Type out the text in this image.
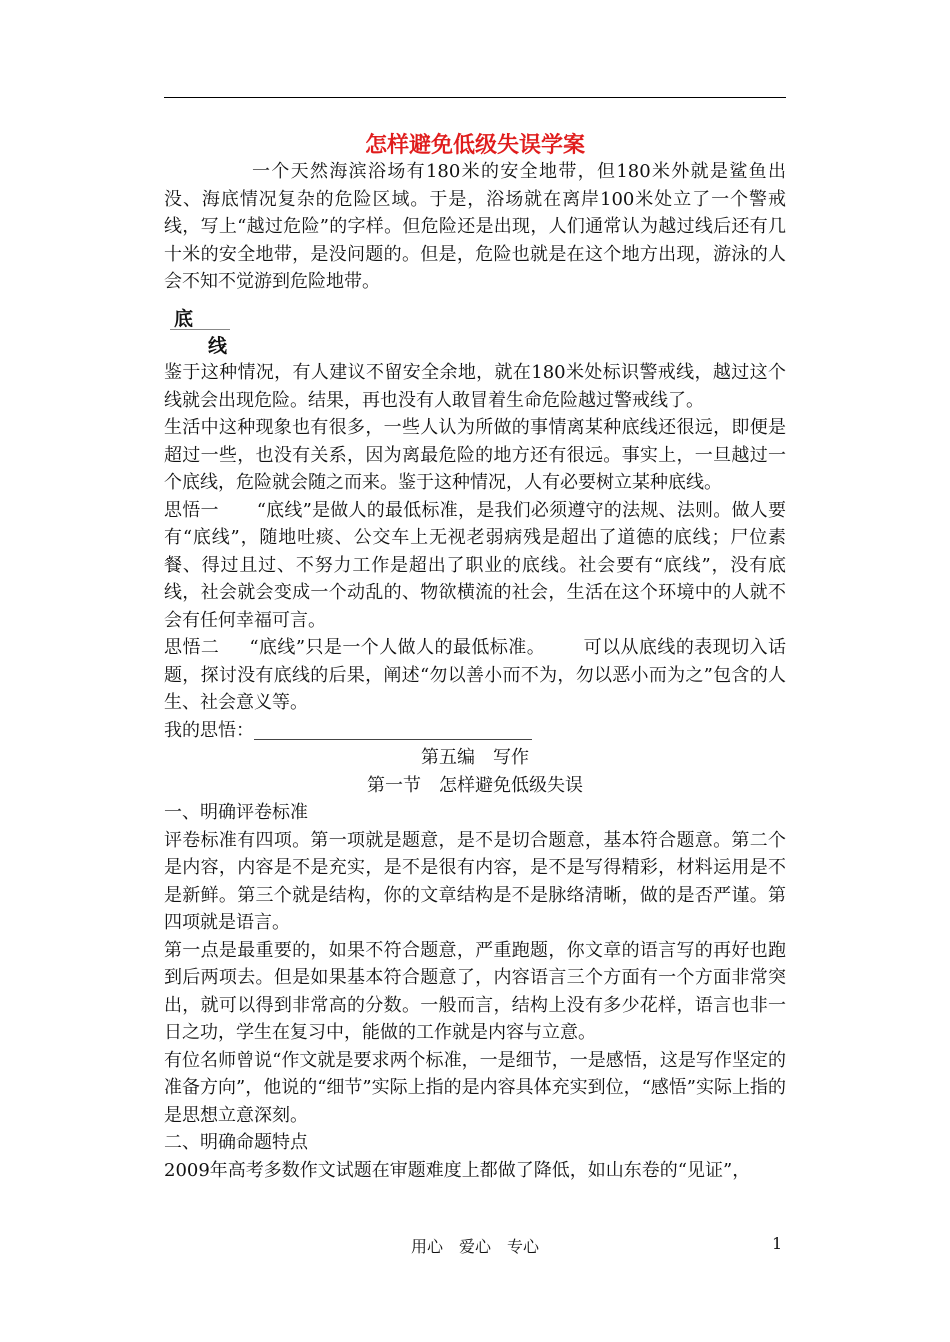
怎样避免低级失误学案

一个天然海滨浴场有180米的安全地带，但180米外就是鲨鱼出没、海底情况复杂的危险区域。于是，浴场就在离岸100米处立了一个警戒线，写上“越过危险”的字样。但危险还是出现，人们通常认为越过线后还有几十米的安全地带，是没问题的。但是，危险也就是在这个地方出现，游泳的人会不知不觉游到危险地带。

底
线

鉴于这种情况，有人建议不留安全余地，就在180米处标识警戒线，越过这个线就会出现危险。结果，再也没有人敢冒着生命危险越过警戒线了。

生活中这种现象也有很多，一些人认为所做的事情离某种底线还很远，即便是超过一些，也没有关系，因为离最危险的地方还有很远。事实上，一旦越过一个底线，危险就会随之而来。鉴于这种情况，人有必要树立某种底线。

思悟一 “底线”是做人的最低标准，是我们必须遵守的法规、法则。做人要有“底线”，随地吐痰、公交车上无视老弱病残是超出了道德的底线；尸位素餐、得过且过、不努力工作是超出了职业的底线。社会要有“底线”，没有底线，社会就会变成一个动乱的、物欲横流的社会，生活在这个环境中的人就不会有任何幸福可言。

思悟二 “底线”只是一个人做人的最低标准。 可以从底线的表现切入话题，探讨没有底线的后果，阐述“勿以善小而不为，勿以恶小而为之”包含的人生、社会意义等。

我的思悟：

第五编　写作

第一节　怎样避免低级失误

一、明确评卷标准

评卷标准有四项。第一项就是题意，是不是切合题意，基本符合题意。第二个是内容，内容是不是充实，是不是很有内容，是不是写得精彩，材料运用是不是新鲜。第三个就是结构，你的文章结构是不是脉络清晰，做的是否严谨。第四项就是语言。

第一点是最重要的，如果不符合题意，严重跑题，你文章的语言写的再好也跑到后两项去。但是如果基本符合题意了，内容语言三个方面有一个方面非常突出，就可以得到非常高的分数。一般而言，结构上没有多少花样，语言也非一日之功，学生在复习中，能做的工作就是内容与立意。

有位名师曾说“作文就是要求两个标准，一是细节，一是感悟，这是写作坚定的准备方向”，他说的“细节”实际上指的是内容具体充实到位，“感悟”实际上指的是思想立意深刻。

二、明确命题特点

2009年高考多数作文试题在审题难度上都做了降低，如山东卷的“见证”，

用心　爱心　专心	1
